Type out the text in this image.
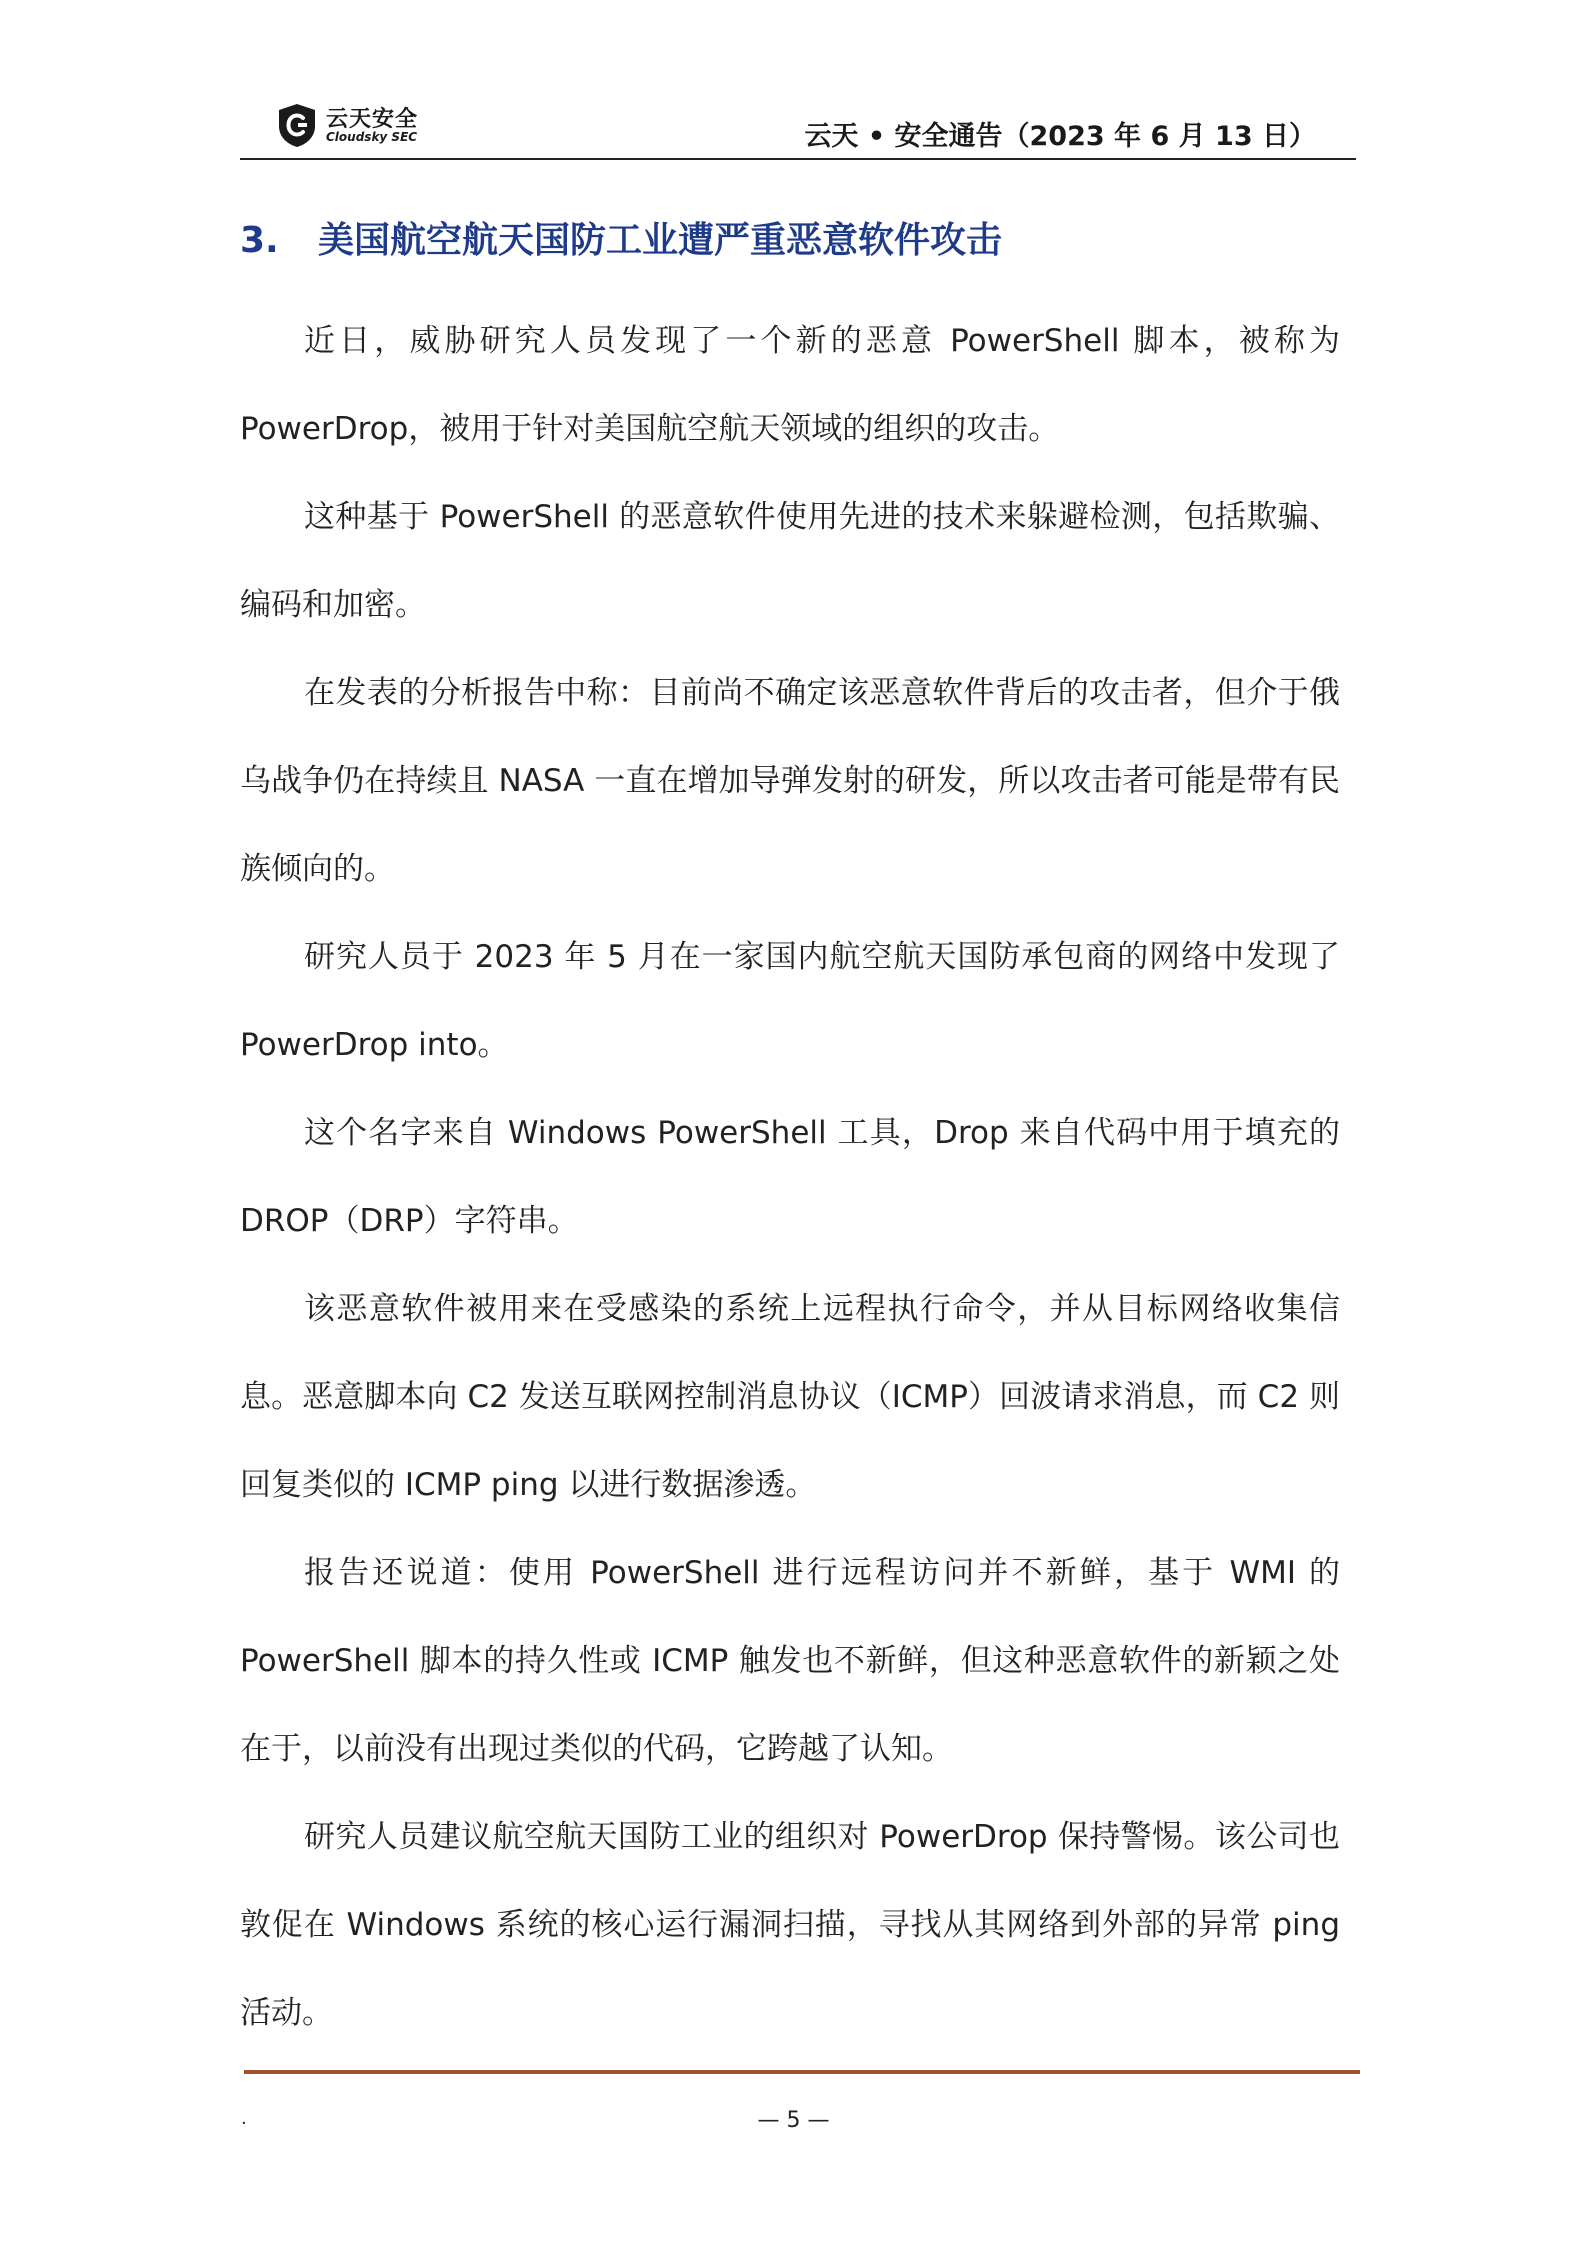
云天安全
Cloudsky SEC	云天 • 安全通告（2023 年 6 月 13 日）
3. 美国航空航天国防工业遭严重恶意软件攻击

近日，威胁研究人员发现了一个新的恶意 PowerShell 脚本，被称为 PowerDrop，被用于针对美国航空航天领域的组织的攻击。

这种基于 PowerShell 的恶意软件使用先进的技术来躲避检测，包括欺骗、编码和加密。

在发表的分析报告中称：目前尚不确定该恶意软件背后的攻击者，但介于俄乌战争仍在持续且 NASA 一直在增加导弹发射的研发，所以攻击者可能是带有民族倾向的。

研究人员于 2023 年 5 月在一家国内航空航天国防承包商的网络中发现了 PowerDrop into。

这个名字来自 Windows PowerShell 工具，Drop 来自代码中用于填充的 DROP（DRP）字符串。

该恶意软件被用来在受感染的系统上远程执行命令，并从目标网络收集信息。恶意脚本向 C2 发送互联网控制消息协议（ICMP）回波请求消息，而 C2 则回复类似的 ICMP ping 以进行数据渗透。

报告还说道：使用 PowerShell 进行远程访问并不新鲜，基于 WMI 的 PowerShell 脚本的持久性或 ICMP 触发也不新鲜，但这种恶意软件的新颖之处在于，以前没有出现过类似的代码，它跨越了认知。

研究人员建议航空航天国防工业的组织对 PowerDrop 保持警惕。该公司也敦促在 Windows 系统的核心运行漏洞扫描，寻找从其网络到外部的异常 ping 活动。

.	— 5 —
